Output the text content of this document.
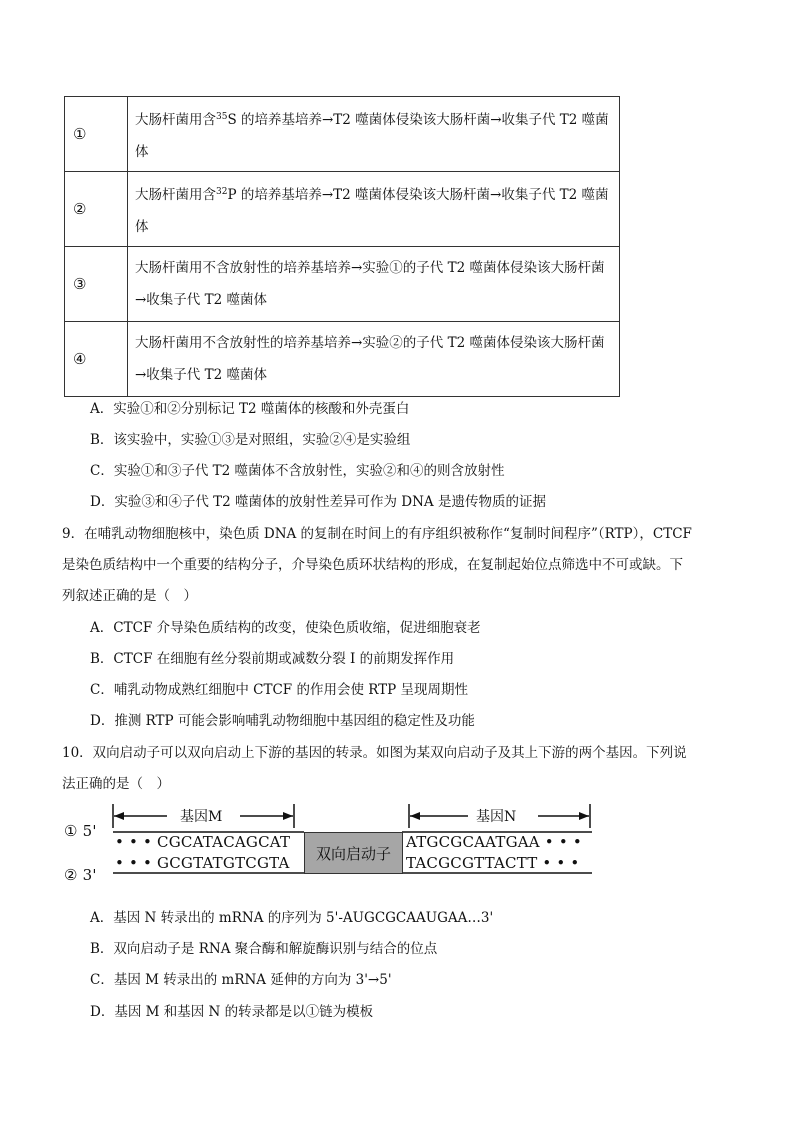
①	大肠杆菌用含$^{35}$S 的培养基培养→T2 噬菌体侵染该大肠杆菌→收集子代 T2 噬菌
体

②	大肠杆菌用含$^{32}$P 的培养基培养→T2 噬菌体侵染该大肠杆菌→收集子代 T2 噬菌
体

③	大肠杆菌用不含放射性的培养基培养→实验①的子代 T2 噬菌体侵染该大肠杆菌
→收集子代 T2 噬菌体

④	大肠杆菌用不含放射性的培养基培养→实验②的子代 T2 噬菌体侵染该大肠杆菌
→收集子代 T2 噬菌体
A．实验①和②分别标记 T2 噬菌体的核酸和外壳蛋白
B．该实验中，实验①③是对照组，实验②④是实验组
C．实验①和③子代 T2 噬菌体不含放射性，实验②和④的则含放射性
D．实验③和④子代 T2 噬菌体的放射性差异可作为 DNA 是遗传物质的证据
9．在哺乳动物细胞核中，染色质 DNA 的复制在时间上的有序组织被称作“复制时间程序”（RTP），CTCF
是染色质结构中一个重要的结构分子，介导染色质环状结构的形成，在复制起始位点筛选中不可或缺。下
列叙述正确的是（　）
A．CTCF 介导染色质结构的改变，使染色质收缩，促进细胞衰老
B．CTCF 在细胞有丝分裂前期或减数分裂 I 的前期发挥作用
C．哺乳动物成熟红细胞中 CTCF 的作用会使 RTP 呈现周期性
D．推测 RTP 可能会影响哺乳动物细胞中基因组的稳定性及功能
10．双向启动子可以双向启动上下游的基因的转录。如图为某双向启动子及其上下游的两个基因。下列说
法正确的是（　）
基因M	基因N
① 5'
② 3'
• • • CGCATACAGCAT
• • • GCGTATGTCGTA
双向启动子
ATGCGCAATGAA • • •
TACGCGTTACTT • • •
A．基因 N 转录出的 mRNA 的序列为 5'-AUGCGCAAUGAA…3'
B．双向启动子是 RNA 聚合酶和解旋酶识别与结合的位点
C．基因 M 转录出的 mRNA 延伸的方向为 3'→5'
D．基因 M 和基因 N 的转录都是以①链为模板
